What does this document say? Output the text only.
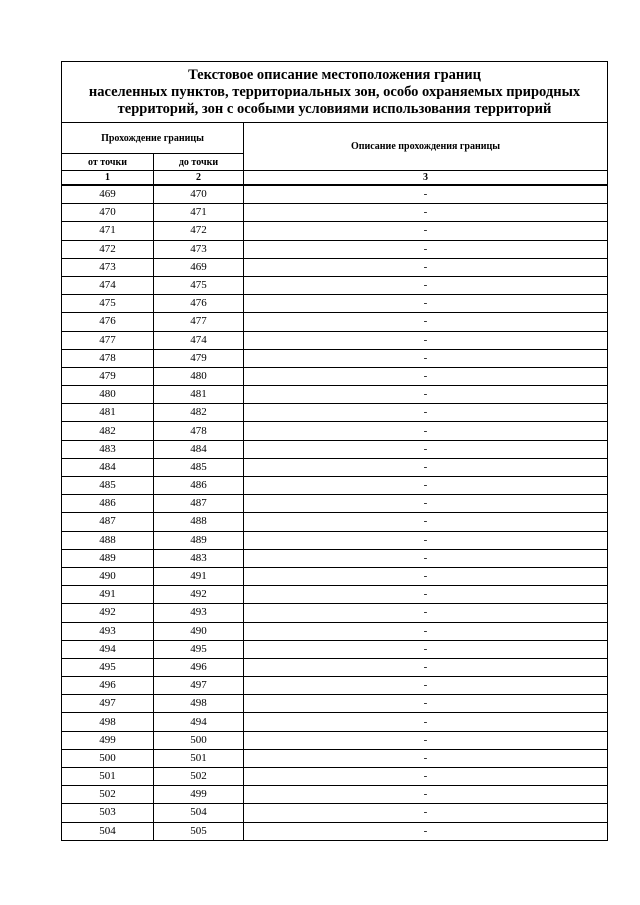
Текстовое описание местоположения границ
населенных пунктов, территориальных зон, особо охраняемых природных
территорий, зон с особыми условиями использования территорий		

Прохождение границы		Описание прохождения границы
от точки	до точки	
1	2	3
469	470	-
470	471	-
471	472	-
472	473	-
473	469	-
474	475	-
475	476	-
476	477	-
477	474	-
478	479	-
479	480	-
480	481	-
481	482	-
482	478	-
483	484	-
484	485	-
485	486	-
486	487	-
487	488	-
488	489	-
489	483	-
490	491	-
491	492	-
492	493	-
493	490	-
494	495	-
495	496	-
496	497	-
497	498	-
498	494	-
499	500	-
500	501	-
501	502	-
502	499	-
503	504	-
504	505	-
